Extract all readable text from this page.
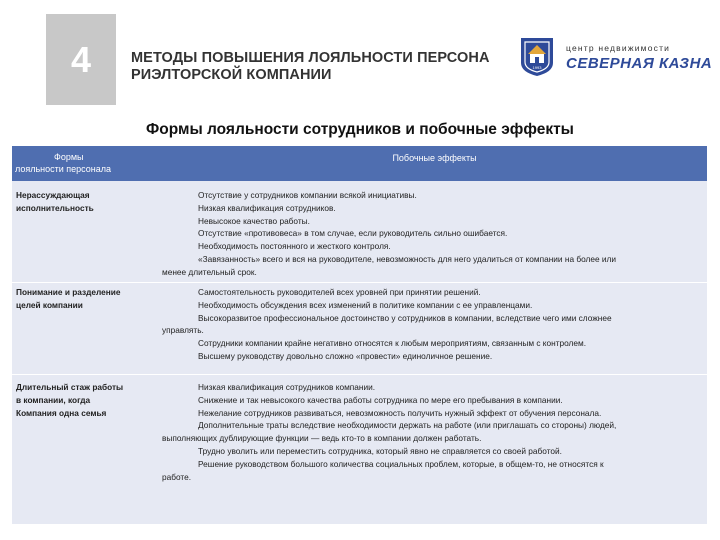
4	МЕТОДЫ ПОВЫШЕНИЯ ЛОЯЛЬНОСТИ ПЕРСОНА
РИЭЛТОРСКОЙ КОМПАНИИ	1993
центр недвижимости
СЕВЕРНАЯ КАЗНА
Формы лояльности сотрудников и побочные эффекты
Формы
лояльности персонала
Побочные эффекты
Нерассуждающая
исполнительность
Отсутствие у сотрудников компании всякой инициативы.
Низкая квалификация сотрудников.
Невысокое качество работы.
Отсутствие «противовеса» в том случае, если руководитель сильно ошибается.
Необходимость постоянного и жесткого контроля.
«Завязанность» всего и вся на руководителе, невозможность для него удалиться от компании на более или
менее длительный срок.
Понимание и разделение
целей компании
Самостоятельность руководителей всех уровней при принятии решений.
Необходимость обсуждения всех изменений в политике компании с ее управленцами.
Высокоразвитое профессиональное достоинство у сотрудников в компании, вследствие чего ими сложнее
управлять.
Сотрудники компании крайне негативно относятся к любым мероприятиям, связанным с контролем.
Высшему руководству довольно сложно «провести» единоличное решение.
Длительный стаж работы
в компании, когда
Компания одна семья
Низкая квалификация сотрудников компании.
Снижение и так невысокого качества работы сотрудника по мере его пребывания в компании.
Нежелание сотрудников развиваться, невозможность получить нужный эффект от обучения персонала.
Дополнительные траты вследствие необходимости держать на работе (или приглашать со стороны) людей,
выполняющих дублирующие функции — ведь кто-то в компании должен работать.
Трудно уволить или переместить сотрудника, который явно не справляется со своей работой.
Решение руководством большого количества социальных проблем, которые, в общем-то, не относятся к
работе.
